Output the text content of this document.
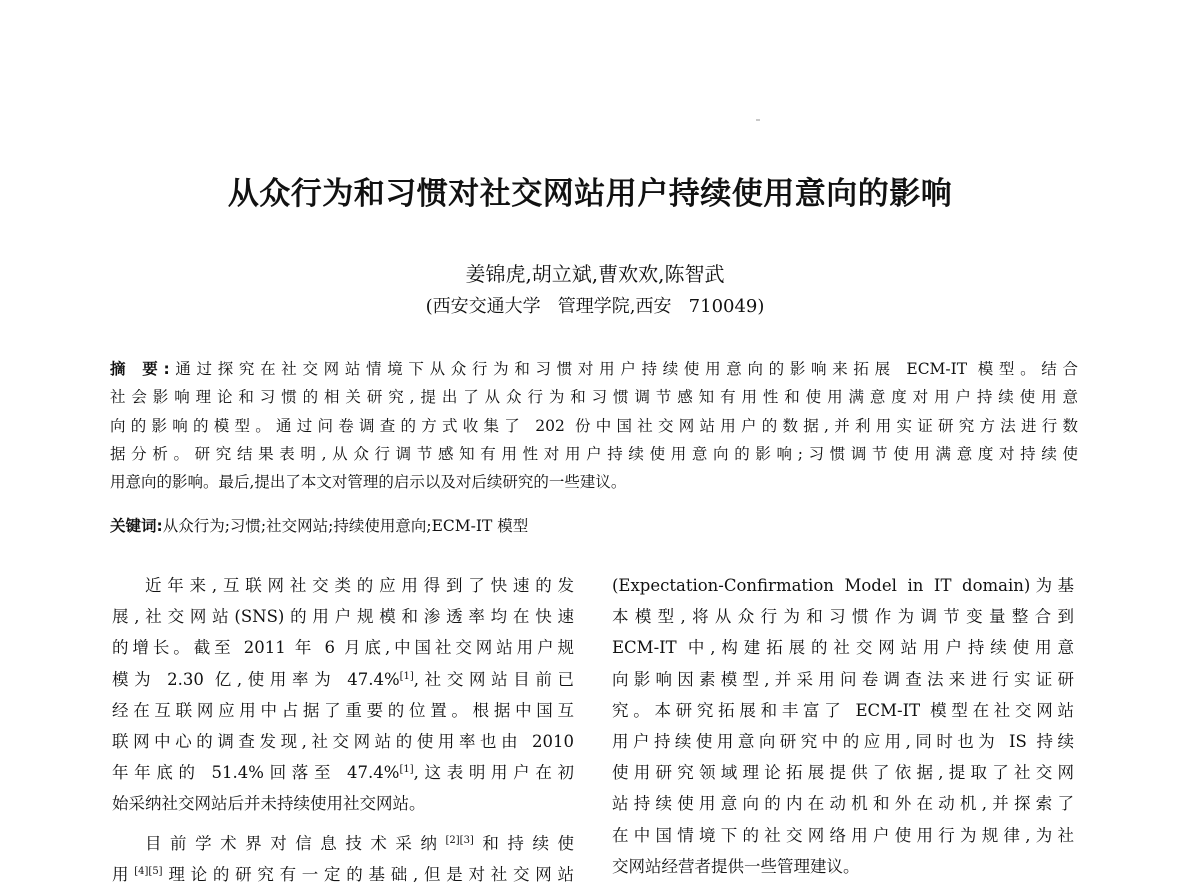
从众行为和习惯对社交网站用户持续使用意向的影响
姜锦虎,胡立斌,曹欢欢,陈智武
(西安交通大学   管理学院,西安   710049)
摘 要:通过探究在社交网站情境下从众行为和习惯对用户持续使用意向的影响来拓展 ECM-IT 模型。结合
社会影响理论和习惯的相关研究,提出了从众行为和习惯调节感知有用性和使用满意度对用户持续使用意
向的影响的模型。通过问卷调查的方式收集了 202 份中国社交网站用户的数据,并利用实证研究方法进行数
据分析。研究结果表明,从众行调节感知有用性对用户持续使用意向的影响;习惯调节使用满意度对持续使
用意向的影响。最后,提出了本文对管理的启示以及对后续研究的一些建议。
关键词:从众行为;习惯;社交网站;持续使用意向;ECM-IT 模型

近年来,互联网社交类的应用得到了快速的发

展,社交网站(SNS)的用户规模和渗透率均在快速

的增长。截至 2011 年 6 月底,中国社交网站用户规

模为 2.30 亿,使用率为 47.4%[1],社交网站目前已

经在互联网应用中占据了重要的位置。根据中国互

联网中心的调查发现,社交网站的使用率也由 2010

年年底的 51.4%回落至 47.4%[1],这表明用户在初

始采纳社交网站后并未持续使用社交网站。

目前学术界对信息技术采纳[2][3]和持续使

用[4][5]理论的研究有一定的基础,但是对社交网站

(Expectation-Confirmation Model in IT domain)为基

本模型,将从众行为和习惯作为调节变量整合到

ECM-IT 中,构建拓展的社交网站用户持续使用意

向影响因素模型,并采用问卷调查法来进行实证研

究。本研究拓展和丰富了 ECM-IT 模型在社交网站

用户持续使用意向研究中的应用,同时也为 IS 持续

使用研究领域理论拓展提供了依据,提取了社交网

站持续使用意向的内在动机和外在动机,并探索了

在中国情境下的社交网络用户使用行为规律,为社

交网站经营者提供一些管理建议。
